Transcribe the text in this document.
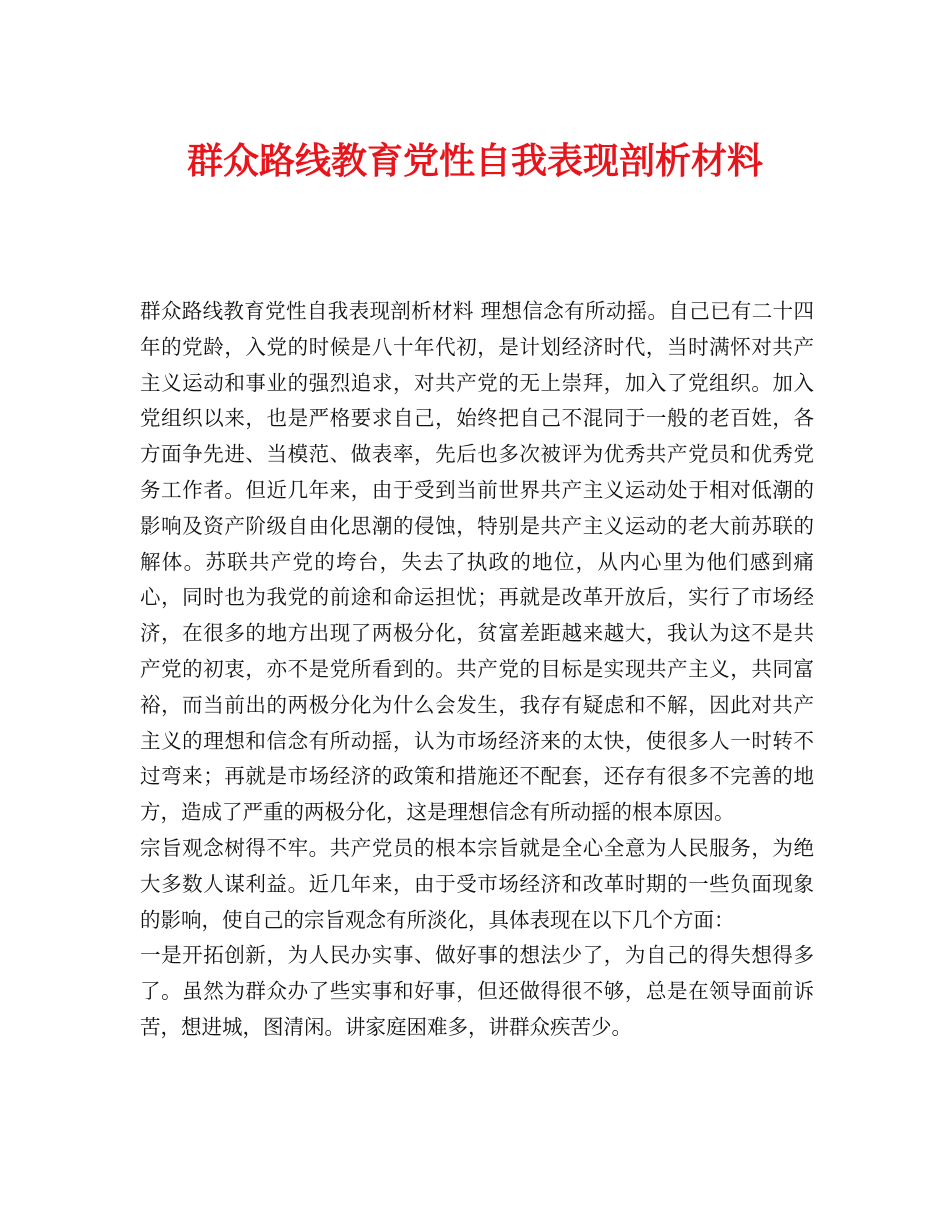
群众路线教育党性自我表现剖析材料

群众路线教育党性自我表现剖析材料 理想信念有所动摇。自己已有二十四年的党龄，入党的时候是八十年代初，是计划经济时代，当时满怀对共产主义运动和事业的强烈追求，对共产党的无上崇拜，加入了党组织。加入党组织以来，也是严格要求自己，始终把自己不混同于一般的老百姓，各方面争先进、当模范、做表率，先后也多次被评为优秀共产党员和优秀党务工作者。但近几年来，由于受到当前世界共产主义运动处于相对低潮的影响及资产阶级自由化思潮的侵蚀，特别是共产主义运动的老大前苏联的解体。苏联共产党的垮台，失去了执政的地位，从内心里为他们感到痛心，同时也为我党的前途和命运担忧；再就是改革开放后，实行了市场经济，在很多的地方出现了两极分化，贫富差距越来越大，我认为这不是共产党的初衷，亦不是党所看到的。共产党的目标是实现共产主义，共同富裕，而当前出的两极分化为什么会发生，我存有疑虑和不解，因此对共产主义的理想和信念有所动摇，认为市场经济来的太快，使很多人一时转不过弯来；再就是市场经济的政策和措施还不配套，还存有很多不完善的地方，造成了严重的两极分化，这是理想信念有所动摇的根本原因。

宗旨观念树得不牢。共产党员的根本宗旨就是全心全意为人民服务，为绝大多数人谋利益。近几年来，由于受市场经济和改革时期的一些负面现象的影响，使自己的宗旨观念有所淡化，具体表现在以下几个方面：

一是开拓创新，为人民办实事、做好事的想法少了，为自己的得失想得多了。虽然为群众办了些实事和好事，但还做得很不够，总是在领导面前诉苦，想进城，图清闲。讲家庭困难多，讲群众疾苦少。
